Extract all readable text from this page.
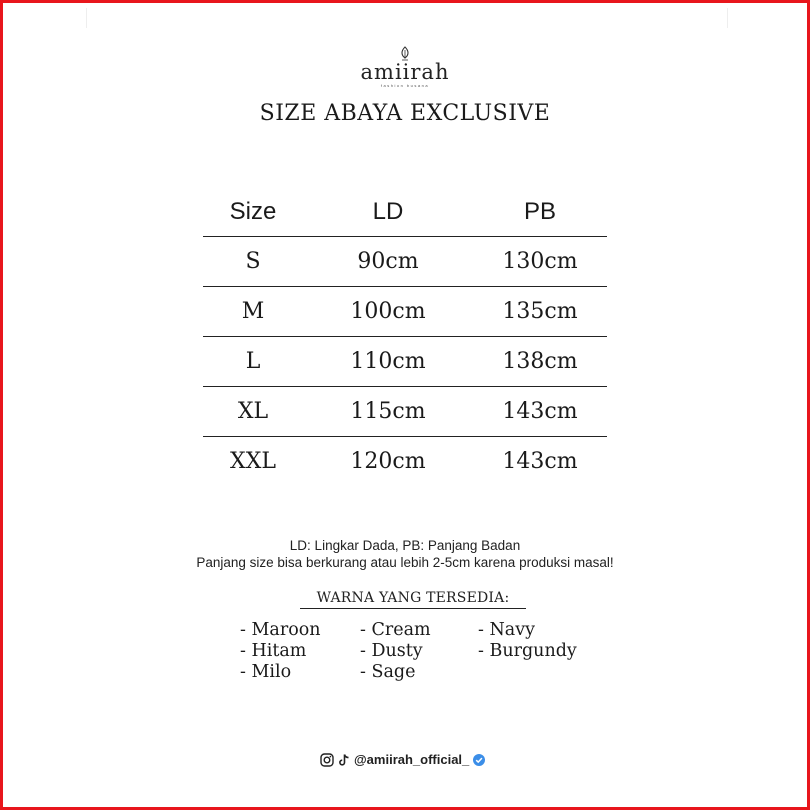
amiirah
fashion busana
SIZE ABAYA EXCLUSIVE
Size	LD	PB
S	90cm	130cm
M	100cm	135cm
L	110cm	138cm
XL	115cm	143cm
XXL	120cm	143cm
LD: Lingkar Dada, PB: Panjang Badan
Panjang size bisa berkurang atau lebih 2-5cm karena produksi masal!
WARNA YANG TERSEDIA:
- Maroon
- Hitam
- Milo
- Cream
- Dusty
- Sage
- Navy
- Burgundy
@amiirah_official_
